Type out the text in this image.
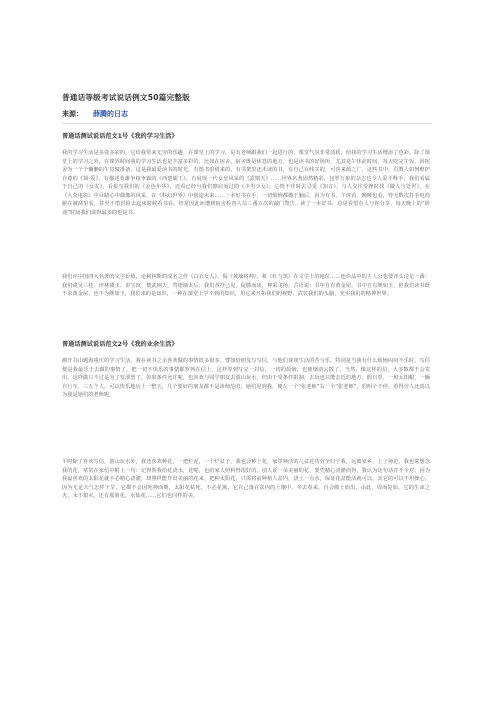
普通话等级考试说话例文50篇完整版
来源： 薛腾的日志
普通话测试说话范文1号《我的学习生活》

我的学习生活是多姿多彩的，它给我带来无穷的乐趣。在课堂上的学习，是有老师跟我们一起进行的，课堂气氛非常活跃，给我的学习生活增添了色彩。除了课堂上的学习之外，在课外时间我的学习生活也是丰富多彩的，比如在宿舍，宿舍既是休息的地方，也是读书的好场所，尤其是午休前时间，每天吃完午饭，回宿舍为一个个慵懒的午觉做准备，这是我最爱读书的时光，有图书馆借来的，有书架里还未读的书，有自己在线买的，可喜来源之广，这些书中，有教人如何维护自尊的《简·爱》，有描述英雄争权争霸的《西楚霸王》，有展现一代女皇风采的《武则天》……世界名著固然精彩，包罗万象的杂志也令人爱不释手，我们看属于自己的《女友》，看报写我们的《金色年华》，还看已经与我们擦肩而过的《少男少女》；心情不佳时去寻觅《知音》，与人交往受挫时找《做人与处世》，在《大众电影》中目睹心中偶像的风采，在《科幻世界》中创造未来……一本好书在手，一切烦恼都抛于脑后，因为有书，午休看，晚睡也看，曾无数次打手电筒偷在被窝里看，甚至不惜冒险去起床时候看书看，经常因此而遭到宿舍检查人员三番五次的敲门警告。读了一本好书，总是看望有人与你分享，每天晚上的“卧谈”时间我们谈得最多的也是书。

我们评中国四大名著的文学价值，论柯林斯的成名之作《白衣女人》，侃《黄埔将帅》，析《红与黑》在文学上的地位……连作品中的主人公也要评头论足一番：我们谈吴三桂、评林黛玉、讲宝钗、赞武则天，骂德墙太后；我们各抒己见，促膝而谈，神采飞扬。古语说：书中自有黄金屋，书中自有颜如玉，但我们读书既不求黄金屋，也不为颜如玉，我们求的是知识，一种在课堂上学不到的知识，用它来开拓我们的视野，武装我们的头脑，充实我们的精神世界。

普通话测试说话范文2号《我的业余生活》

搬开书山题海重压的学习生活，我在读书之余喜欢做的事情很多很多，譬如给朋友写写信，与他们谈谈生活的苦与乐。特别是当我有什么烦恼闷闷不乐时，写信便是我最乐于去做的事情了，把一切不快乐的事情都罗列在信上，这样等到写完一封信，一切的烦恼，也便烟消云散了。当然，像这样的信，大多数都不会寄出，这样做只不过是为了发泄罢了。如果条件允许呢，也喜欢与同学朋友去游山玩水，但由于受条件限制，去玩也只能去近的地方。假日里，一班太阳帽，一辆自行车，三五个人，可以快乐地玩上一整天，几个要好的朋友都不是读师范的，她们见到我，便左一个“张老师”右一个“张老师”，的叫个不停，惹得旁人还真以为我是她们的老师呢。

平时除了喜欢写信，游山玩水外，我还喜欢种花，一把烂泥，一个烂盆子，我也会种上花，家里种活的几盆花功劳全归于我，远离家乡，上了师范，我也常想念我的花，常常在家信中附上一句：记得帮我给花浇水，花呢，也给家人照料得很好的。别人说一朵美丽的花，要凭精心浇灌而得，我认为这句话并不全对，因为我最喜欢的太阳花就不必精心浇灌，却照样能开出美丽的花来，把种太阳花，只需将前种植人盆内，浇上一点水，保证花盆能活就可以，其它的可以不用操心，因为无论天气怎样干旱，它都不会因死神而朋，太阳花枯死，不必花篱，它自己落在盆内的土壤中，冬去春来，自会破土而出，由此，周而复始，它的生命之火，永不熄灭。还有那菊花，水仙花……它们也同样的美。
